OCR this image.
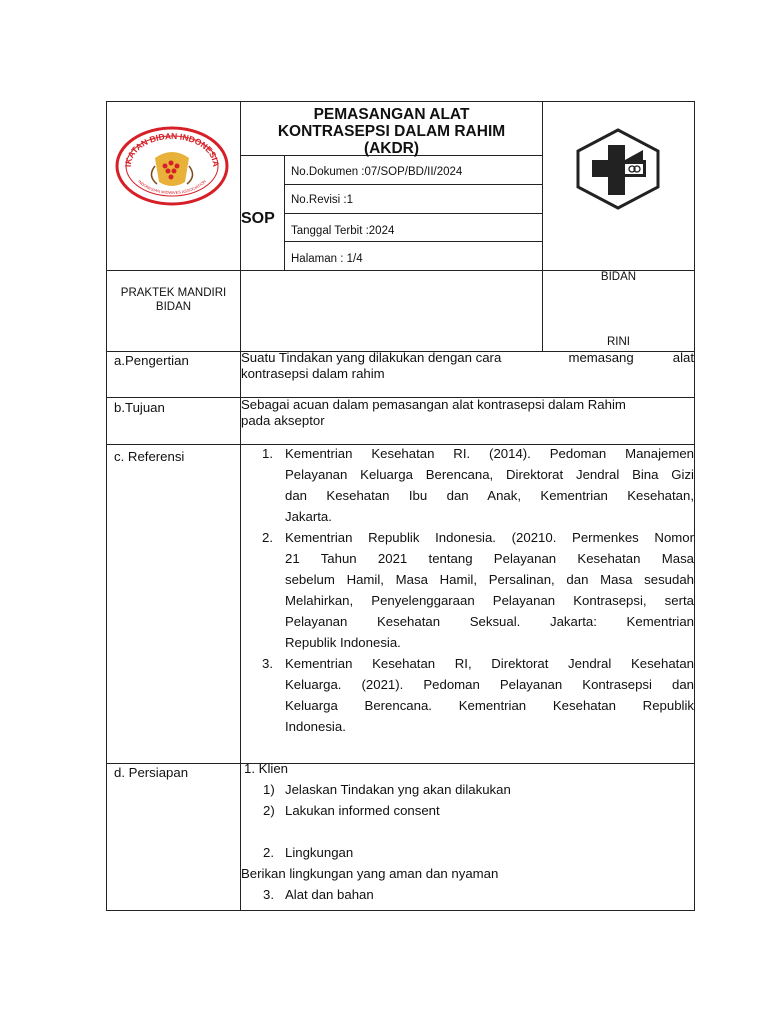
IKATAN BIDAN INDONESIA
INDONESIAN MIDWIVES ASSOCIATION
PEMASANGAN ALAT
KONTRASEPSI DALAM RAHIM
(AKDR)
SOP
No.Dokumen :07/SOP/BD/II/2024
No.Revisi :1
Tanggal Terbit :2024
Halaman : 1/4
PRAKTEK MANDIRI
BIDAN
BIDAN
RINI
a.Pengertian	Suatu Tindakan yang dilakukan dengan cara	memasang	alat
kontrasepsi dalam rahim
b.Tujuan	Sebagai acuan dalam pemasangan alat kontrasepsi dalam Rahim
pada akseptor
c. Referensi	1. Kementrian Kesehatan RI. (2014). Pedoman Manajemen
Pelayanan Keluarga Berencana, Direktorat Jendral Bina Gizi
dan Kesehatan Ibu dan Anak, Kementrian Kesehatan,
Jakarta.
2. Kementrian Republik Indonesia. (20210. Permenkes Nomor
21 Tahun 2021 tentang Pelayanan Kesehatan Masa
sebelum Hamil, Masa Hamil, Persalinan, dan Masa sesudah
Melahirkan, Penyelenggaraan Pelayanan Kontrasepsi, serta
Pelayanan Kesehatan Seksual. Jakarta: Kementrian
Republik Indonesia.
3. Kementrian Kesehatan RI, Direktorat Jendral Kesehatan
Keluarga. (2021). Pedoman Pelayanan Kontrasepsi dan
Keluarga Berencana. Kementrian Kesehatan Republik
Indonesia.
d. Persiapan	1. Klien
1) Jelaskan Tindakan yng akan dilakukan
2) Lakukan informed consent
2. Lingkungan
Berikan lingkungan yang aman dan nyaman
3. Alat dan bahan
